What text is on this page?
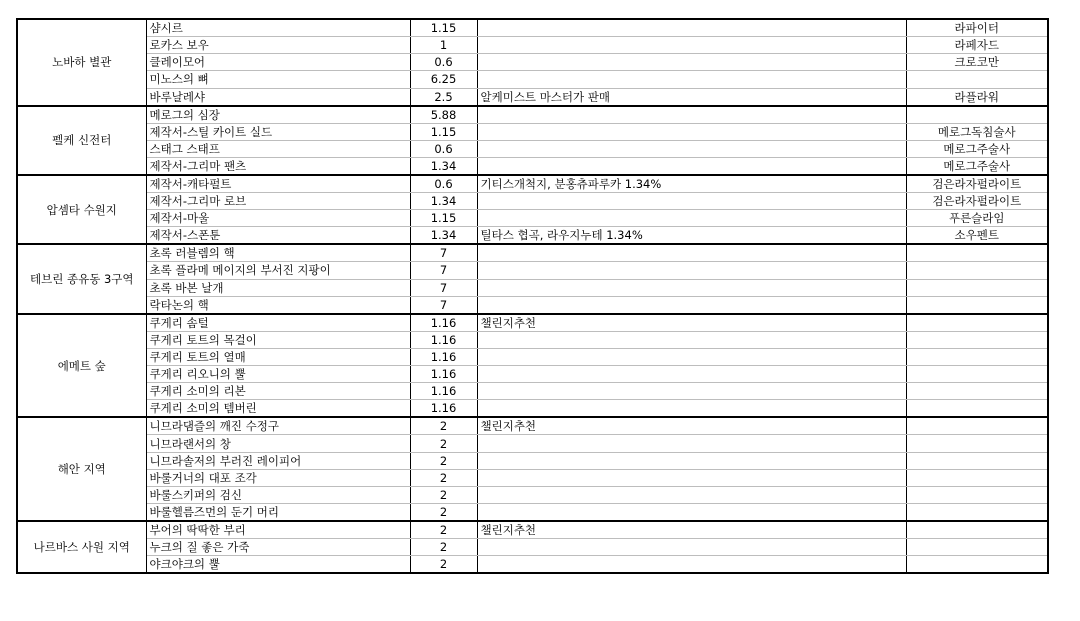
노바하 별관	샴시르	1.15		라파이터
	로카스 보우	1		라페자드
	클레이모어	0.6		크로코만
	미노스의 뼈	6.25		
	바루날레샤	2.5	알케미스트 마스터가 판매	라플라워
펠케 신전터	메로그의 심장	5.88		
	제작서-스틸 카이트 실드	1.15		메로그독침술사
	스태그 스태프	0.6		메로그주술사
	제작서-그리마 팬츠	1.34		메로그주술사
압셈타 수원지	제작서-캐타펄트	0.6	기티스개척지, 분홍츄파루카 1.34%	검은라자펄라이트
	제작서-그리마 로브	1.34		검은라자펄라이트
	제작서-마울	1.15		푸른슬라임
	제작서-스폰툰	1.34	틸타스 협곡, 라우지누테 1.34%	소우펜트
테브린 종유동 3구역	초록 러블렘의 핵	7		
	초록 플라메 메이지의 부서진 지팡이	7		
	초록 바본 날개	7		
	락타논의 핵	7		
에메트 숲	쿠게리 솜털	1.16	챌린지추천	
	쿠게리 토트의 목걸이	1.16		
	쿠게리 토트의 열매	1.16		
	쿠게리 리오니의 뿔	1.16		
	쿠게리 소미의 리본	1.16		
	쿠게리 소미의 템버린	1.16		
해안 지역	니므라댐즐의 깨진 수정구	2	챌린지추천	
	니므라랜서의 창	2		
	니므라솔저의 부러진 레이피어	2		
	바룰거너의 대포 조각	2		
	바룰스키퍼의 검신	2		
	바룰헬름즈먼의 둔기 머리	2		
나르바스 사원 지역	부어의 딱딱한 부리	2	챌린지추천	
	누크의 질 좋은 가죽	2		
	야크야크의 뿔	2		
